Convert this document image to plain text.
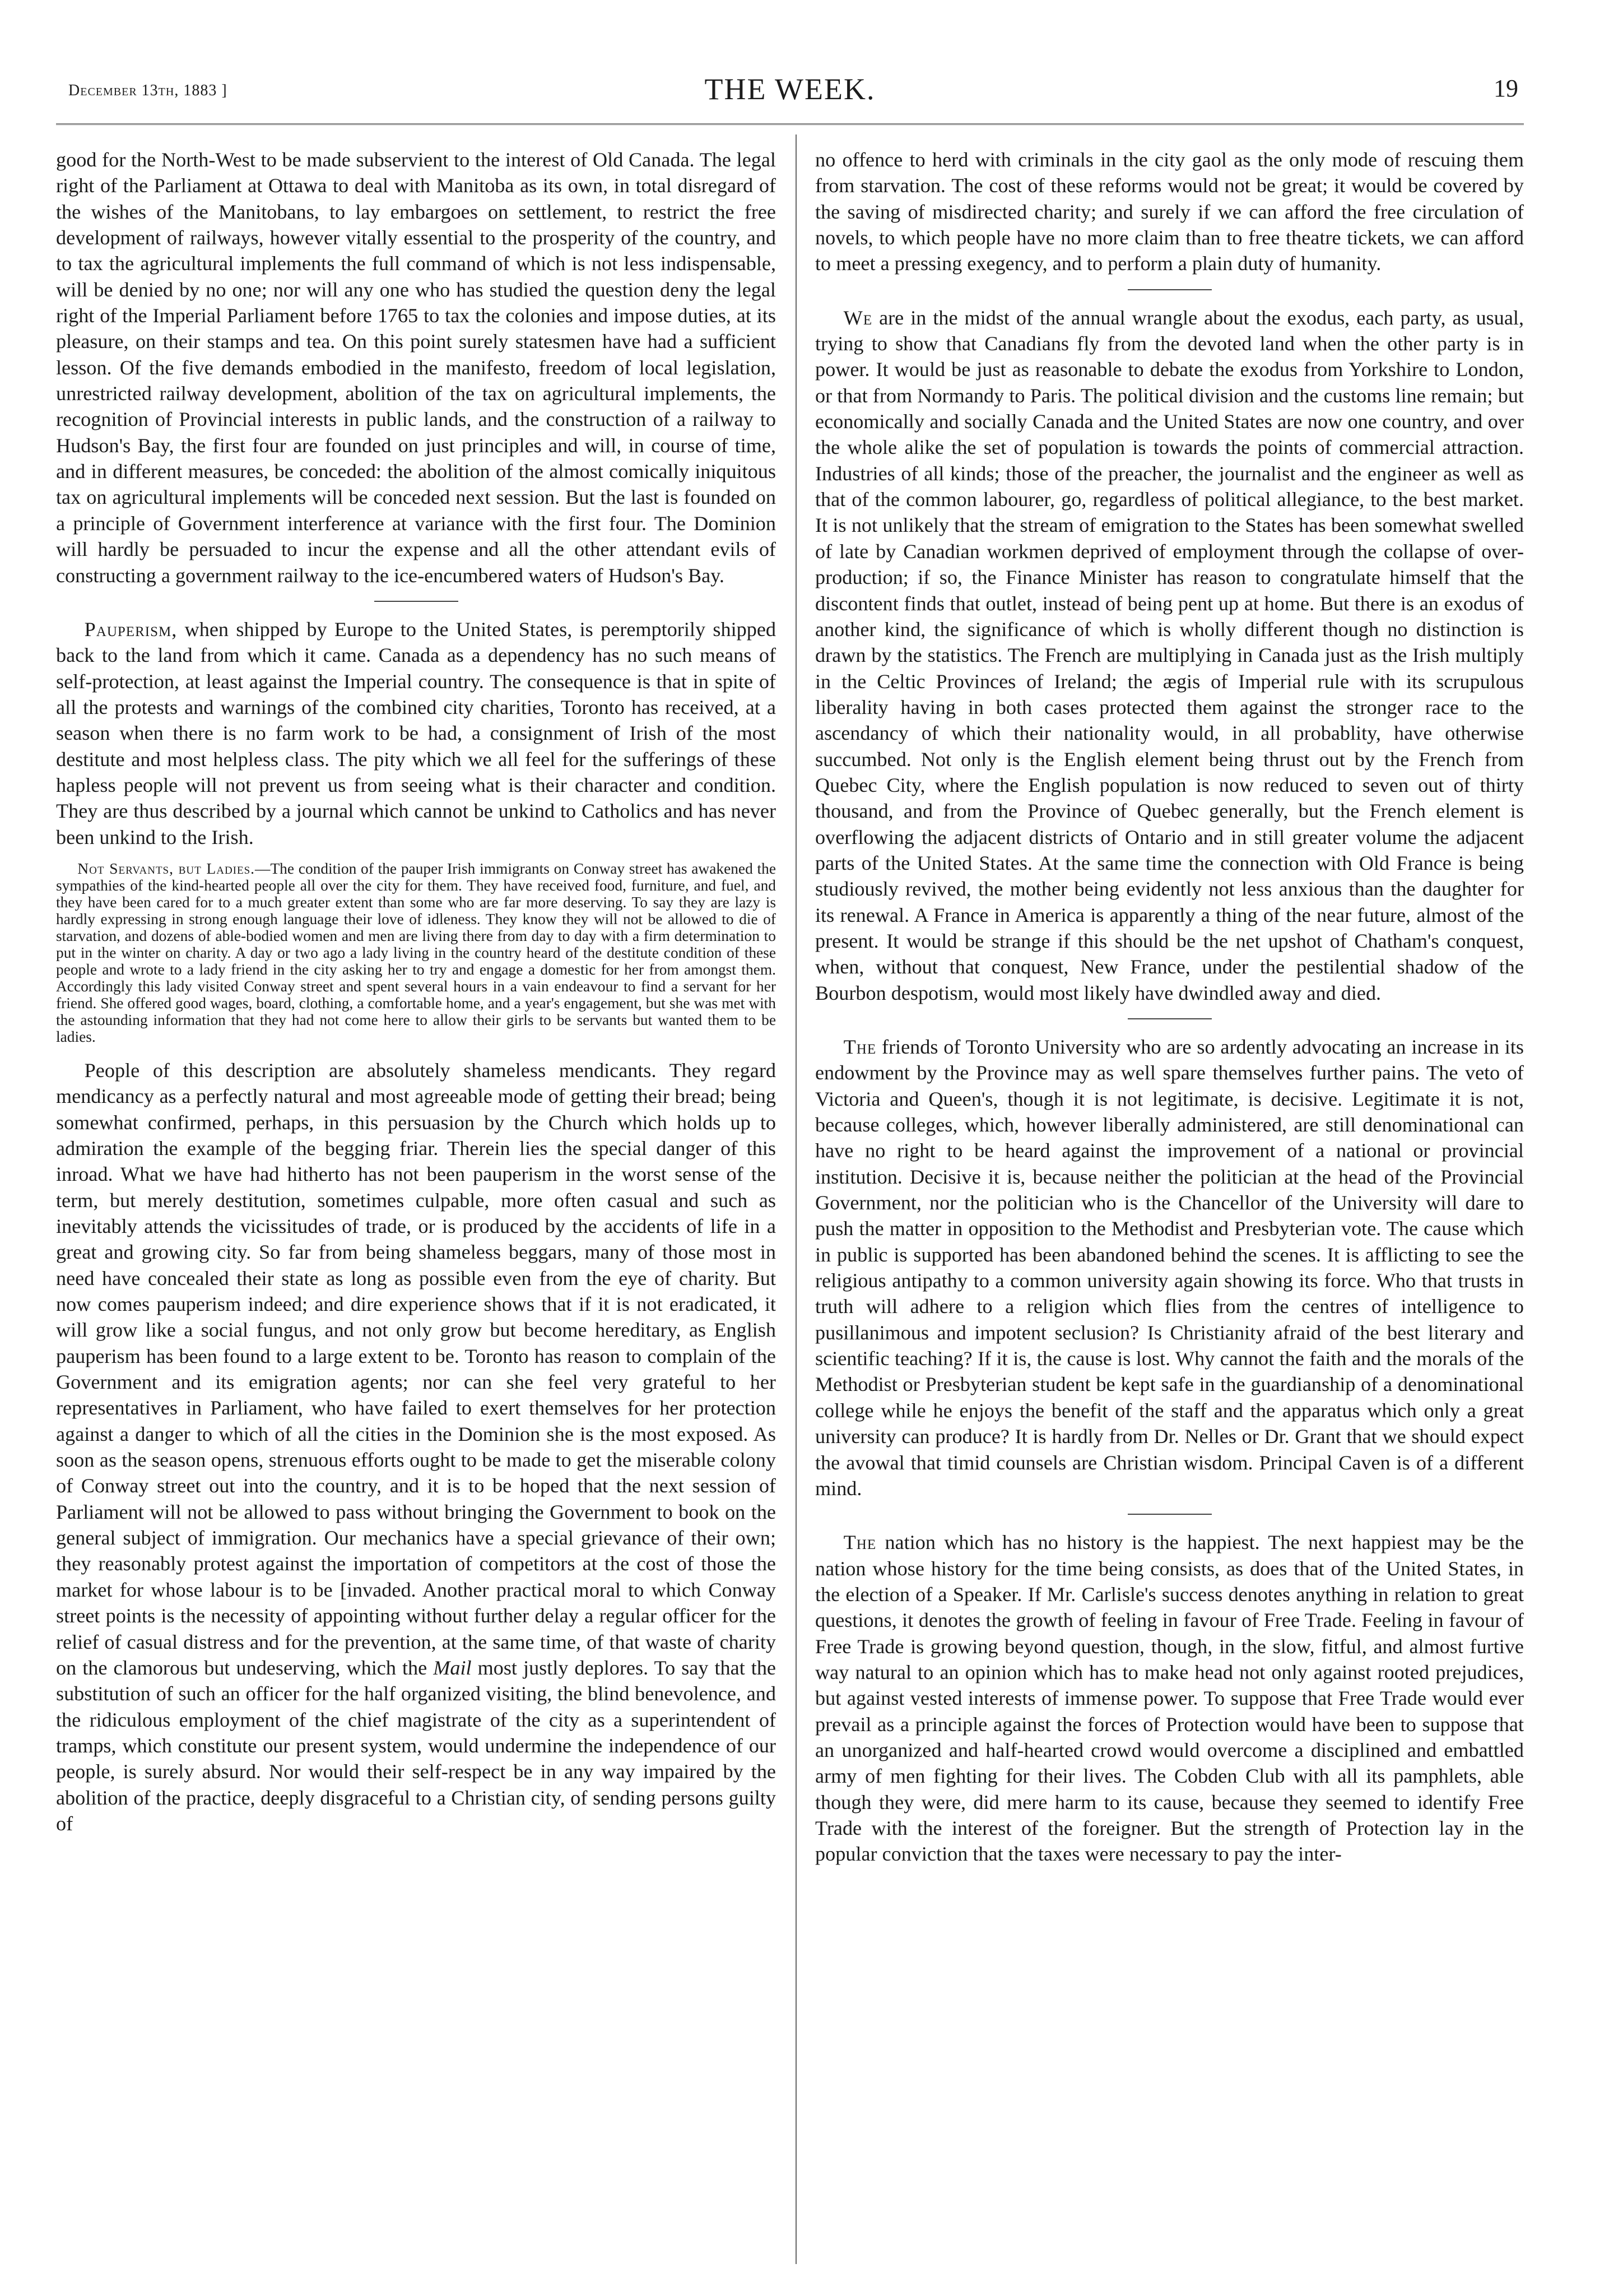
December 13th, 1883 ]	THE WEEK.	19

good for the North-West to be made subservient to the interest of Old Canada. The legal right of the Parliament at Ottawa to deal with Manitoba as its own, in total disregard of the wishes of the Manitobans, to lay embargoes on settlement, to restrict the free development of railways, however vitally essential to the prosperity of the country, and to tax the agricultural implements the full command of which is not less indispensable, will be denied by no one; nor will any one who has studied the question deny the legal right of the Imperial Parliament before 1765 to tax the colonies and impose duties, at its pleasure, on their stamps and tea. On this point surely statesmen have had a sufficient lesson. Of the five demands embodied in the manifesto, freedom of local legislation, unrestricted railway development, abolition of the tax on agricultural implements, the recognition of Provincial interests in public lands, and the construction of a railway to Hudson's Bay, the first four are founded on just principles and will, in course of time, and in different measures, be conceded: the abolition of the almost comically iniquitous tax on agricultural implements will be conceded next session. But the last is founded on a principle of Government interference at variance with the first four. The Dominion will hardly be persuaded to incur the expense and all the other attendant evils of constructing a government railway to the ice-encumbered waters of Hudson's Bay.

Pauperism, when shipped by Europe to the United States, is peremptorily shipped back to the land from which it came. Canada as a dependency has no such means of self-protection, at least against the Imperial country. The consequence is that in spite of all the protests and warnings of the combined city charities, Toronto has received, at a season when there is no farm work to be had, a consignment of Irish of the most destitute and most helpless class. The pity which we all feel for the sufferings of these hapless people will not prevent us from seeing what is their character and condition. They are thus described by a journal which cannot be unkind to Catholics and has never been unkind to the Irish.

Not Servants, but Ladies.—The condition of the pauper Irish immigrants on Conway street has awakened the sympathies of the kind-hearted people all over the city for them. They have received food, furniture, and fuel, and they have been cared for to a much greater extent than some who are far more deserving. To say they are lazy is hardly expressing in strong enough language their love of idleness. They know they will not be allowed to die of starvation, and dozens of able-bodied women and men are living there from day to day with a firm determination to put in the winter on charity. A day or two ago a lady living in the country heard of the destitute condition of these people and wrote to a lady friend in the city asking her to try and engage a domestic for her from amongst them. Accordingly this lady visited Conway street and spent several hours in a vain endeavour to find a servant for her friend. She offered good wages, board, clothing, a comfortable home, and a year's engagement, but she was met with the astounding information that they had not come here to allow their girls to be servants but wanted them to be ladies.

People of this description are absolutely shameless mendicants. They regard mendicancy as a perfectly natural and most agreeable mode of getting their bread; being somewhat confirmed, perhaps, in this persuasion by the Church which holds up to admiration the example of the begging friar. Therein lies the special danger of this inroad. What we have had hitherto has not been pauperism in the worst sense of the term, but merely destitution, sometimes culpable, more often casual and such as inevitably attends the vicissitudes of trade, or is produced by the accidents of life in a great and growing city. So far from being shameless beggars, many of those most in need have concealed their state as long as possible even from the eye of charity. But now comes pauperism indeed; and dire experience shows that if it is not eradicated, it will grow like a social fungus, and not only grow but become hereditary, as English pauperism has been found to a large extent to be. Toronto has reason to complain of the Government and its emigration agents; nor can she feel very grateful to her representatives in Parliament, who have failed to exert themselves for her protection against a danger to which of all the cities in the Dominion she is the most exposed. As soon as the season opens, strenuous efforts ought to be made to get the miserable colony of Conway street out into the country, and it is to be hoped that the next session of Parliament will not be allowed to pass without bringing the Government to book on the general subject of immigration. Our mechanics have a special grievance of their own; they reasonably protest against the importation of competitors at the cost of those the market for whose labour is to be [invaded. Another practical moral to which Conway street points is the necessity of appointing without further delay a regular officer for the relief of casual distress and for the prevention, at the same time, of that waste of charity on the clamorous but undeserving, which the Mail most justly deplores. To say that the substitution of such an officer for the half organized visiting, the blind benevolence, and the ridiculous employment of the chief magistrate of the city as a superintendent of tramps, which constitute our present system, would undermine the independence of our people, is surely absurd. Nor would their self-respect be in any way impaired by the abolition of the practice, deeply disgraceful to a Christian city, of sending persons guilty of

no offence to herd with criminals in the city gaol as the only mode of rescuing them from starvation. The cost of these reforms would not be great; it would be covered by the saving of misdirected charity; and surely if we can afford the free circulation of novels, to which people have no more claim than to free theatre tickets, we can afford to meet a pressing exegency, and to perform a plain duty of humanity.

We are in the midst of the annual wrangle about the exodus, each party, as usual, trying to show that Canadians fly from the devoted land when the other party is in power. It would be just as reasonable to debate the exodus from Yorkshire to London, or that from Normandy to Paris. The political division and the customs line remain; but economically and socially Canada and the United States are now one country, and over the whole alike the set of population is towards the points of commercial attraction. Industries of all kinds; those of the preacher, the journalist and the engineer as well as that of the common labourer, go, regardless of political allegiance, to the best market. It is not unlikely that the stream of emigration to the States has been somewhat swelled of late by Canadian workmen deprived of employment through the collapse of over-production; if so, the Finance Minister has reason to congratulate himself that the discontent finds that outlet, instead of being pent up at home. But there is an exodus of another kind, the significance of which is wholly different though no distinction is drawn by the statistics. The French are multiplying in Canada just as the Irish multiply in the Celtic Provinces of Ireland; the ægis of Imperial rule with its scrupulous liberality having in both cases protected them against the stronger race to the ascendancy of which their nationality would, in all probablity, have otherwise succumbed. Not only is the English element being thrust out by the French from Quebec City, where the English population is now reduced to seven out of thirty thousand, and from the Province of Quebec generally, but the French element is overflowing the adjacent districts of Ontario and in still greater volume the adjacent parts of the United States. At the same time the connection with Old France is being studiously revived, the mother being evidently not less anxious than the daughter for its renewal. A France in America is apparently a thing of the near future, almost of the present. It would be strange if this should be the net upshot of Chatham's conquest, when, without that conquest, New France, under the pestilential shadow of the Bourbon despotism, would most likely have dwindled away and died.

The friends of Toronto University who are so ardently advocating an increase in its endowment by the Province may as well spare themselves further pains. The veto of Victoria and Queen's, though it is not legitimate, is decisive. Legitimate it is not, because colleges, which, however liberally administered, are still denominational can have no right to be heard against the improvement of a national or provincial institution. Decisive it is, because neither the politician at the head of the Provincial Government, nor the politician who is the Chancellor of the University will dare to push the matter in opposition to the Methodist and Presbyterian vote. The cause which in public is supported has been abandoned behind the scenes. It is afflicting to see the religious antipathy to a common university again showing its force. Who that trusts in truth will adhere to a religion which flies from the centres of intelligence to pusillanimous and impotent seclusion? Is Christianity afraid of the best literary and scientific teaching? If it is, the cause is lost. Why cannot the faith and the morals of the Methodist or Presbyterian student be kept safe in the guardianship of a denominational college while he enjoys the benefit of the staff and the apparatus which only a great university can produce? It is hardly from Dr. Nelles or Dr. Grant that we should expect the avowal that timid counsels are Christian wisdom. Principal Caven is of a different mind.

The nation which has no history is the happiest. The next happiest may be the nation whose history for the time being consists, as does that of the United States, in the election of a Speaker. If Mr. Carlisle's success denotes anything in relation to great questions, it denotes the growth of feeling in favour of Free Trade. Feeling in favour of Free Trade is growing beyond question, though, in the slow, fitful, and almost furtive way natural to an opinion which has to make head not only against rooted prejudices, but against vested interests of immense power. To suppose that Free Trade would ever prevail as a principle against the forces of Protection would have been to suppose that an unorganized and half-hearted crowd would overcome a disciplined and embattled army of men fighting for their lives. The Cobden Club with all its pamphlets, able though they were, did mere harm to its cause, because they seemed to identify Free Trade with the interest of the foreigner. But the strength of Protection lay in the popular conviction that the taxes were necessary to pay the inter-
